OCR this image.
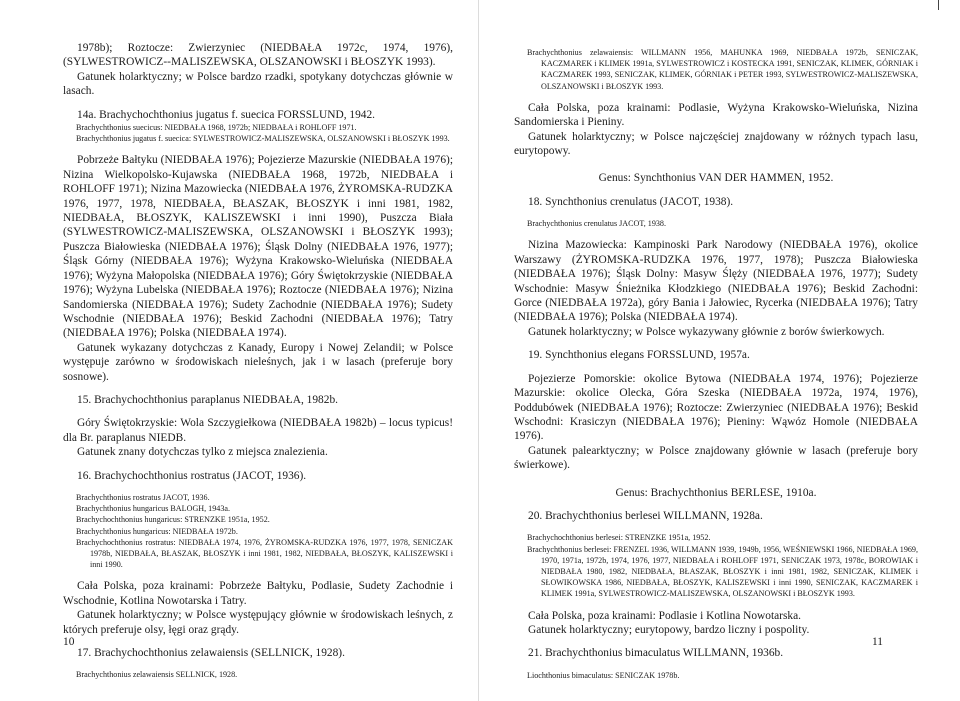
1978b); Roztocze: Zwierzyniec (NIEDBAŁA 1972c, 1974, 1976), (SYLWESTROWICZ--MALISZEWSKA, OLSZANOWSKI i BŁOSZYK 1993).
Gatunek holarktyczny; w Polsce bardzo rzadki, spotykany dotychczas głównie w lasach.
14a. Brachychochthonius jugatus f. suecica FORSSLUND, 1942.
Brachychthonius suecicus: NIEDBAŁA 1968, 1972b; NIEDBAŁA i ROHLOFF 1971.
Brachychthonius jugatus f. suecica: SYLWESTROWICZ-MALISZEWSKA, OLSZANOWSKI i BŁOSZYK 1993.
Pobrzeże Bałtyku (NIEDBAŁA 1976); Pojezierze Mazurskie (NIEDBAŁA 1976); Nizina Wielkopolsko-Kujawska (NIEDBAŁA 1968, 1972b, NIEDBAŁA i ROHLOFF 1971); Nizina Mazowiecka (NIEDBAŁA 1976, ŻYROMSKA-RUDZKA 1976, 1977, 1978, NIEDBAŁA, BŁASZAK, BŁOSZYK i inni 1981, 1982, NIEDBAŁA, BŁOSZYK, KALISZEWSKI i inni 1990), Puszcza Biała (SYLWESTROWICZ-MALISZEWSKA, OLSZANOWSKI i BŁOSZYK 1993); Puszcza Białowieska (NIEDBAŁA 1976); Śląsk Dolny (NIEDBAŁA 1976, 1977); Śląsk Górny (NIEDBAŁA 1976); Wyżyna Krakowsko-Wieluńska (NIEDBAŁA 1976); Wyżyna Małopolska (NIEDBAŁA 1976); Góry Świętokrzyskie (NIEDBAŁA 1976); Wyżyna Lubelska (NIEDBAŁA 1976); Roztocze (NIEDBAŁA 1976); Nizina Sandomierska (NIEDBAŁA 1976); Sudety Zachodnie (NIEDBAŁA 1976); Sudety Wschodnie (NIEDBAŁA 1976); Beskid Zachodni (NIEDBAŁA 1976); Tatry (NIEDBAŁA 1976); Polska (NIEDBAŁA 1974).
Gatunek wykazany dotychczas z Kanady, Europy i Nowej Zelandii; w Polsce występuje zarówno w środowiskach nieleśnych, jak i w lasach (preferuje bory sosnowe).
15. Brachychochthonius paraplanus NIEDBAŁA, 1982b.
Góry Świętokrzyskie: Wola Szczygiełkowa (NIEDBAŁA 1982b) – locus typicus! dla Br. paraplanus NIEDB.
Gatunek znany dotychczas tylko z miejsca znalezienia.
16. Brachychochthonius rostratus (JACOT, 1936).
Brachychthonius rostratus JACOT, 1936.
Brachychthonius hungaricus BALOGH, 1943a.
Brachychochthonius hungaricus: STRENZKE 1951a, 1952.
Brachychthonius hungaricus: NIEDBAŁA 1972b.
Brachychochthonius rostratus: NIEDBAŁA 1974, 1976, ŻYROMSKA-RUDZKA 1976, 1977, 1978, SENICZAK 1978b, NIEDBAŁA, BŁASZAK, BŁOSZYK i inni 1981, 1982, NIEDBAŁA, BŁOSZYK, KALISZEWSKI i inni 1990.
Cała Polska, poza krainami: Pobrzeże Bałtyku, Podlasie, Sudety Zachodnie i Wschodnie, Kotlina Nowotarska i Tatry.
Gatunek holarktyczny; w Polsce występujący głównie w środowiskach leśnych, z których preferuje olsy, łęgi oraz grądy.
17. Brachychochthonius zelawaiensis (SELLNICK, 1928).
Brachychthonius zelawaiensis SELLNICK, 1928.
10
Brachychthonius zelawaiensis: WILLMANN 1956, MAHUNKA 1969, NIEDBAŁA 1972b, SENICZAK, KACZMAREK i KLIMEK 1991a, SYLWESTROWICZ i KOSTECKA 1991, SENICZAK, KLIMEK, GÓRNIAK i KACZMAREK 1993, SENICZAK, KLIMEK, GÓRNIAK i PETER 1993, SYLWESTROWICZ-MALISZEWSKA, OLSZANOWSKI i BŁOSZYK 1993.
Cała Polska, poza krainami: Podlasie, Wyżyna Krakowsko-Wieluńska, Nizina Sandomierska i Pieniny.
Gatunek holarktyczny; w Polsce najczęściej znajdowany w różnych typach lasu, eurytopowy.
Genus: Synchthonius VAN DER HAMMEN, 1952.
18. Synchthonius crenulatus (JACOT, 1938).
Brachychthonius crenulatus JACOT, 1938.
Nizina Mazowiecka: Kampinoski Park Narodowy (NIEDBAŁA 1976), okolice Warszawy (ŻYROMSKA-RUDZKA 1976, 1977, 1978); Puszcza Białowieska (NIEDBAŁA 1976); Śląsk Dolny: Masyw Ślęży (NIEDBAŁA 1976, 1977); Sudety Wschodnie: Masyw Śnieżnika Kłodzkiego (NIEDBAŁA 1976); Beskid Zachodni: Gorce (NIEDBAŁA 1972a), góry Bania i Jałowiec, Rycerka (NIEDBAŁA 1976); Tatry (NIEDBAŁA 1976); Polska (NIEDBAŁA 1974).
Gatunek holarktyczny; w Polsce wykazywany głównie z borów świerkowych.
19. Synchthonius elegans FORSSLUND, 1957a.
Pojezierze Pomorskie: okolice Bytowa (NIEDBAŁA 1974, 1976); Pojezierze Mazurskie: okolice Olecka, Góra Szeska (NIEDBAŁA 1972a, 1974, 1976), Poddubówek (NIEDBAŁA 1976); Roztocze: Zwierzyniec (NIEDBAŁA 1976); Beskid Wschodni: Krasiczyn (NIEDBAŁA 1976); Pieniny: Wąwóz Homole (NIEDBAŁA 1976).
Gatunek palearktyczny; w Polsce znajdowany głównie w lasach (preferuje bory świerkowe).
Genus: Brachychthonius BERLESE, 1910a.
20. Brachychthonius berlesei WILLMANN, 1928a.
Brachychochthonius berlesei: STRENZKE 1951a, 1952.
Brachychthonius berlesei: FRENZEL 1936, WILLMANN 1939, 1949b, 1956, WEŚNIEWSKI 1966, NIEDBAŁA 1969, 1970, 1971a, 1972b, 1974, 1976, 1977, NIEDBAŁA i ROHLOFF 1971, SENICZAK 1973, 1978c, BOROWIAK i NIEDBAŁA 1980, 1982, NIEDBAŁA, BŁASZAK, BŁOSZYK i inni 1981, 1982, SENICZAK, KLIMEK i SŁOWIKOWSKA 1986, NIEDBAŁA, BŁOSZYK, KALISZEWSKI i inni 1990, SENICZAK, KACZMAREK i KLIMEK 1991a, SYLWESTROWICZ-MALISZEWSKA, OLSZANOWSKI i BŁOSZYK 1993.
Cała Polska, poza krainami: Podlasie i Kotlina Nowotarska.
Gatunek holarktyczny; eurytopowy, bardzo liczny i pospolity.
21. Brachychthonius bimaculatus WILLMANN, 1936b.
Liochthonius bimaculatus: SENICZAK 1978b.
11
